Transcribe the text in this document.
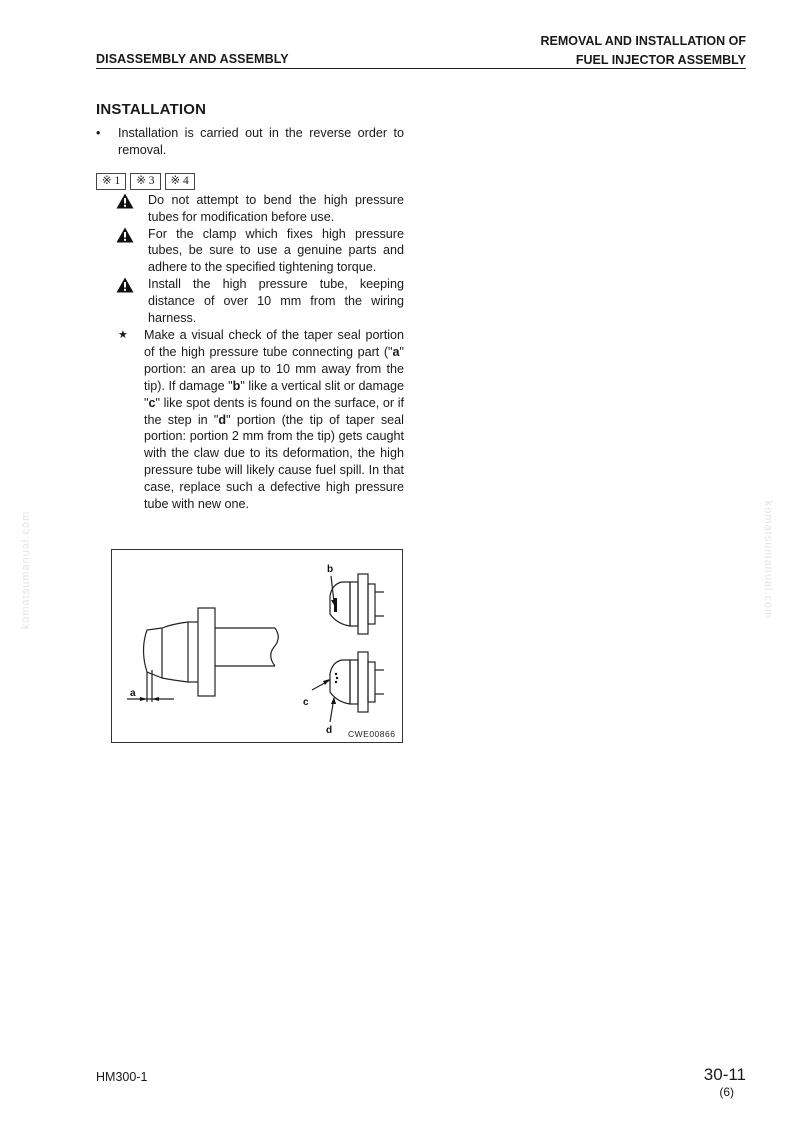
DISASSEMBLY AND ASSEMBLY
REMOVAL AND INSTALLATION OF
FUEL INJECTOR ASSEMBLY
komatsumanual.com	komatsumanual.com
INSTALLATION
•	Installation is carried out in the reverse order to removal.
※ 1	※ 3	※ 4
Do not attempt to bend the high pressure tubes for modification before use.
For the clamp which fixes high pressure tubes, be sure to use a genuine parts and adhere to the specified tightening torque.
Install the high pressure tube, keeping distance of over 10 mm from the wiring harness.
★	Make a visual check of the taper seal portion of the high pressure tube connecting part ("a" portion: an area up to 10 mm away from the tip). If damage "b" like a vertical slit or damage "c" like spot dents is found on the surface, or if the step in "d" portion (the tip of taper seal portion: portion 2 mm from the tip) gets caught with the claw due to its deformation, the high pressure tube will likely cause fuel spill. In that case, replace such a defective high pressure tube with new one.
a
b
c
d CWE00866
HM300-1	30-11
(6)
